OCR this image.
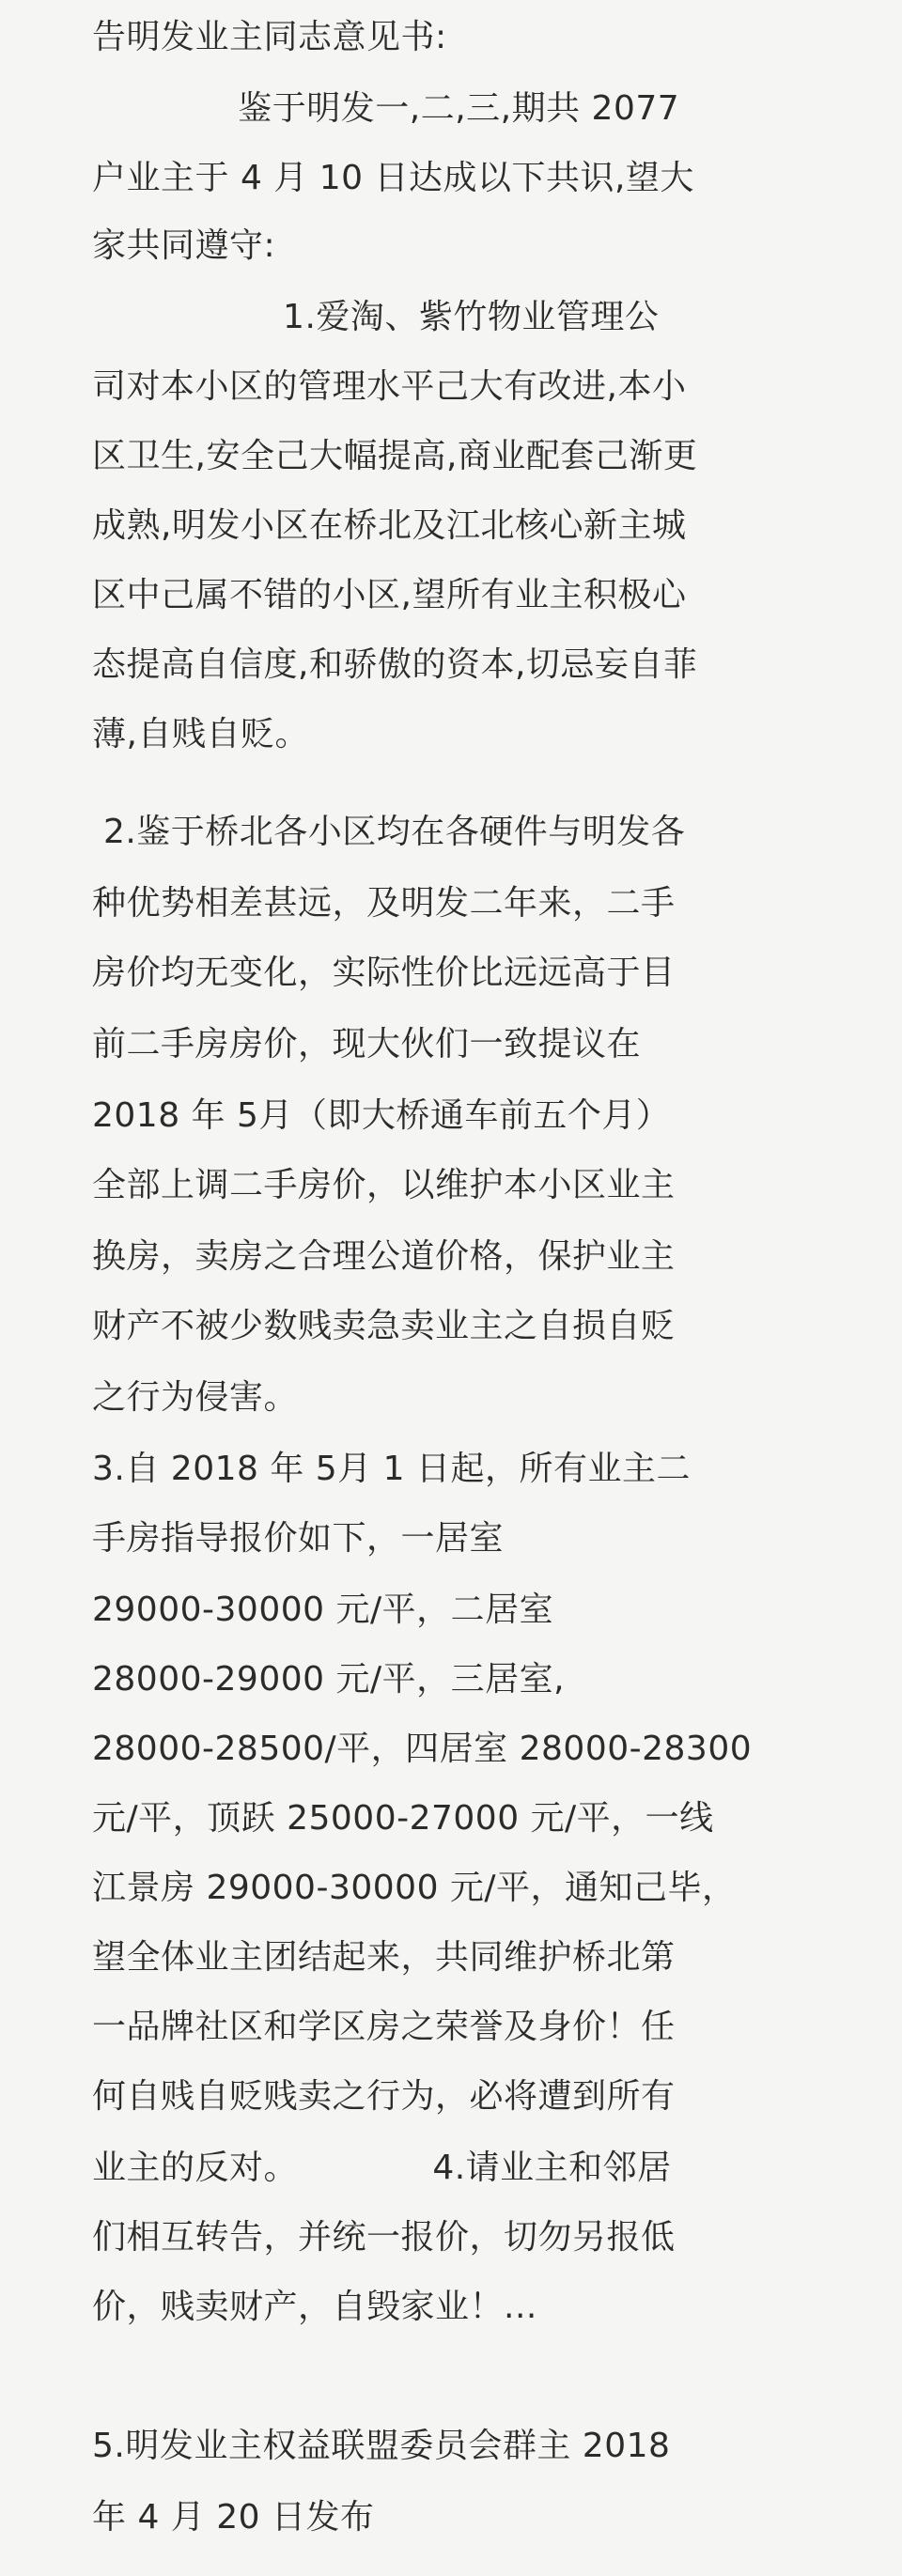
告明发业主同志意见书:
鉴于明发一,二,三,期共 2077
户业主于 4 月 10 日达成以下共识,望大
家共同遵守:
1.爱淘、紫竹物业管理公
司对本小区的管理水平己大有改进,本小
区卫生,安全己大幅提高,商业配套己渐更
成熟,明发小区在桥北及江北核心新主城
区中己属不错的小区,望所有业主积极心
态提高自信度,和骄傲的资本,切忌妄自菲
薄,自贱自贬。
2.鉴于桥北各小区均在各硬件与明发各
种优势相差甚远，及明发二年来，二手
房价均无变化，实际性价比远远高于目
前二手房房价，现大伙们一致提议在
2018 年 5月（即大桥通车前五个月）
全部上调二手房价，以维护本小区业主
换房，卖房之合理公道价格，保护业主
财产不被少数贱卖急卖业主之自损自贬
之行为侵害。
3.自 2018 年 5月 1 日起，所有业主二
手房指导报价如下，一居室
29000-30000 元/平，二居室
28000-29000 元/平，三居室,
28000-28500/平，四居室 28000-28300
元/平，顶跃 25000-27000 元/平，一线
江景房 29000-30000 元/平，通知己毕，
望全体业主团结起来，共同维护桥北第
一品牌社区和学区房之荣誉及身价！任
何自贱自贬贱卖之行为，必将遭到所有
业主的反对。            4.请业主和邻居
们相互转告，并统一报价，切勿另报低
价，贱卖财产，自毁家业！...
5.明发业主权益联盟委员会群主 2018
年 4 月 20 日发布
